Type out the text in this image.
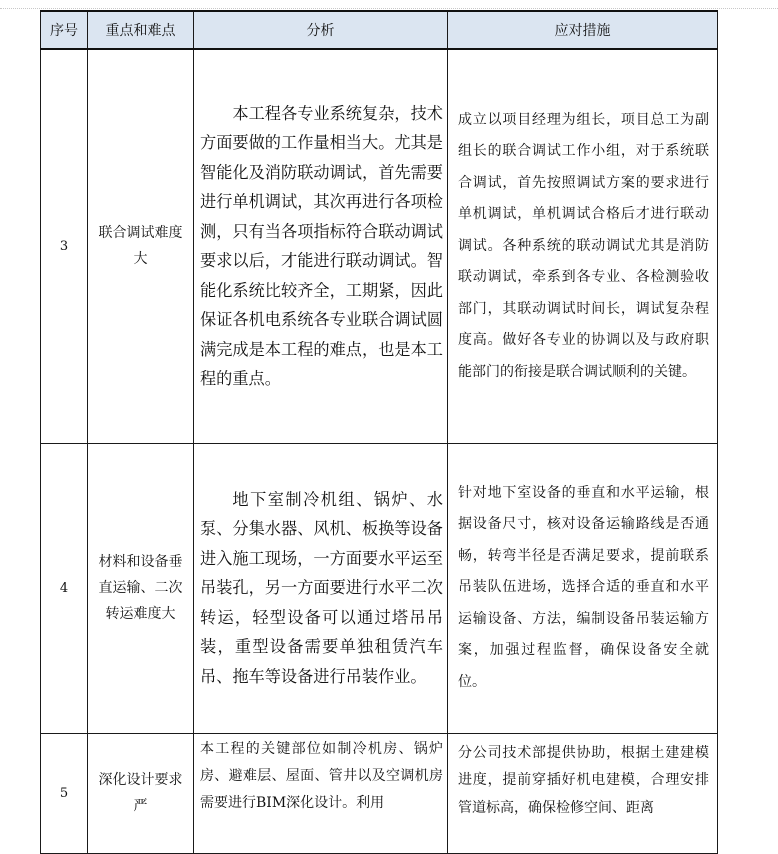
序号	重点和难点	分析	应对措施
3	联合调试难度大	本工程各专业系统复杂，技术方面要做的工作量相当大。尤其是智能化及消防联动调试，首先需要进行单机调试，其次再进行各项检测，只有当各项指标符合联动调试要求以后，才能进行联动调试。智能化系统比较齐全，工期紧，因此保证各机电系统各专业联合调试圆满完成是本工程的难点，也是本工程的重点。	成立以项目经理为组长，项目总工为副组长的联合调试工作小组，对于系统联合调试，首先按照调试方案的要求进行单机调试，单机调试合格后才进行联动调试。各种系统的联动调试尤其是消防联动调试，牵系到各专业、各检测验收部门，其联动调试时间长，调试复杂程度高。做好各专业的协调以及与政府职能部门的衔接是联合调试顺利的关键。
4	材料和设备垂直运输、二次转运难度大	地下室制冷机组、锅炉、水泵、分集水器、风机、板换等设备进入施工现场，一方面要水平运至吊装孔，另一方面要进行水平二次转运，轻型设备可以通过塔吊吊装，重型设备需要单独租赁汽车吊、拖车等设备进行吊装作业。	针对地下室设备的垂直和水平运输，根据设备尺寸，核对设备运输路线是否通畅，转弯半径是否满足要求，提前联系吊装队伍进场，选择合适的垂直和水平运输设备、方法，编制设备吊装运输方案，加强过程监督，确保设备安全就位。
5	深化设计要求严	本工程的关键部位如制冷机房、锅炉房、避难层、屋面、管井以及空调机房需要进行BIM深化设计。利用	分公司技术部提供协助，根据土建建模进度，提前穿插好机电建模，合理安排管道标高，确保检修空间、距离
